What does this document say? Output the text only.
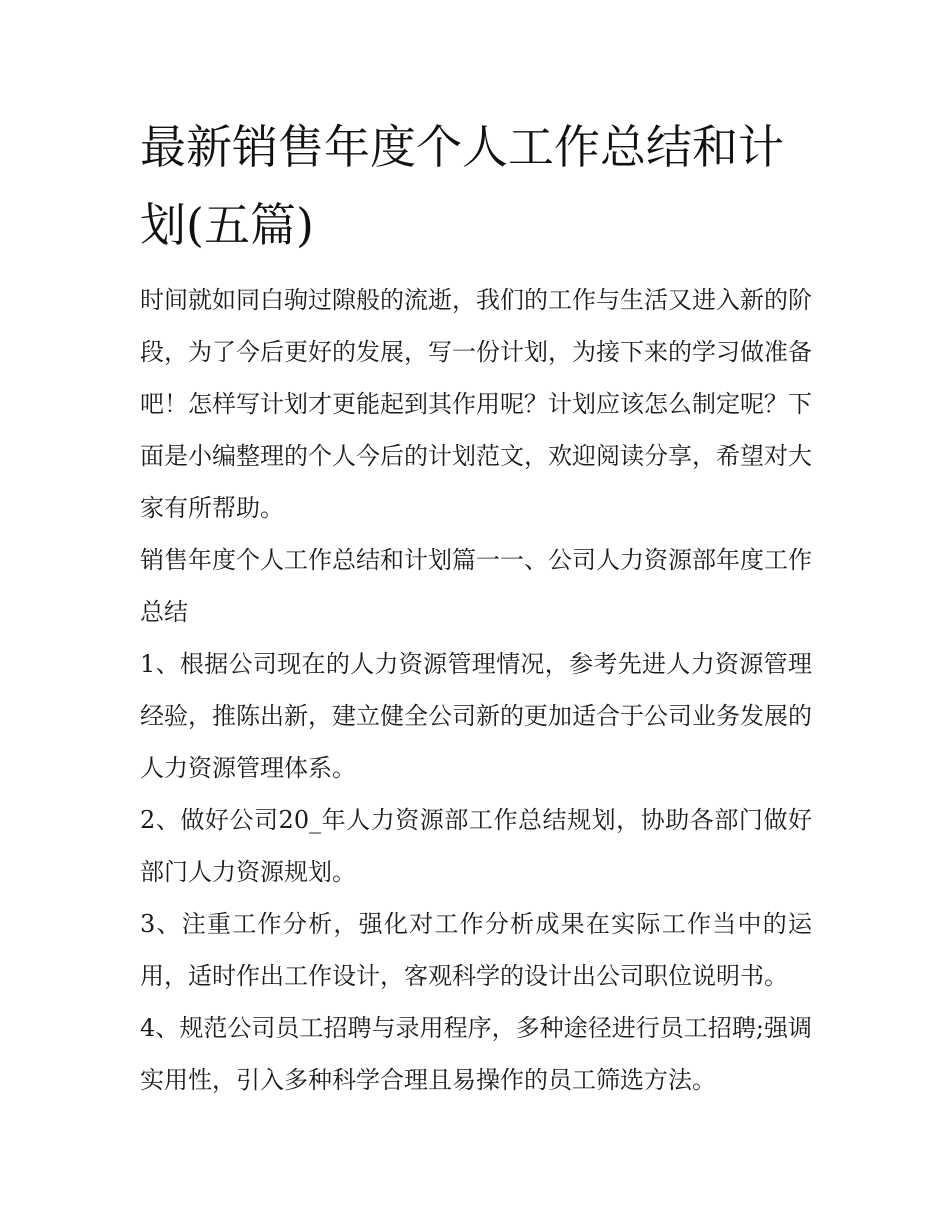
最新销售年度个人工作总结和计划(五篇)

时间就如同白驹过隙般的流逝，我们的工作与生活又进入新的阶段，为了今后更好的发展，写一份计划，为接下来的学习做准备吧！怎样写计划才更能起到其作用呢？计划应该怎么制定呢？下面是小编整理的个人今后的计划范文，欢迎阅读分享，希望对大家有所帮助。

销售年度个人工作总结和计划篇一一、公司人力资源部年度工作总结

1、根据公司现在的人力资源管理情况，参考先进人力资源管理经验，推陈出新，建立健全公司新的更加适合于公司业务发展的人力资源管理体系。

2、做好公司20_年人力资源部工作总结规划，协助各部门做好部门人力资源规划。

3、注重工作分析，强化对工作分析成果在实际工作当中的运用，适时作出工作设计，客观科学的设计出公司职位说明书。

4、规范公司员工招聘与录用程序，多种途径进行员工招聘;强调实用性，引入多种科学合理且易操作的员工筛选方法。
